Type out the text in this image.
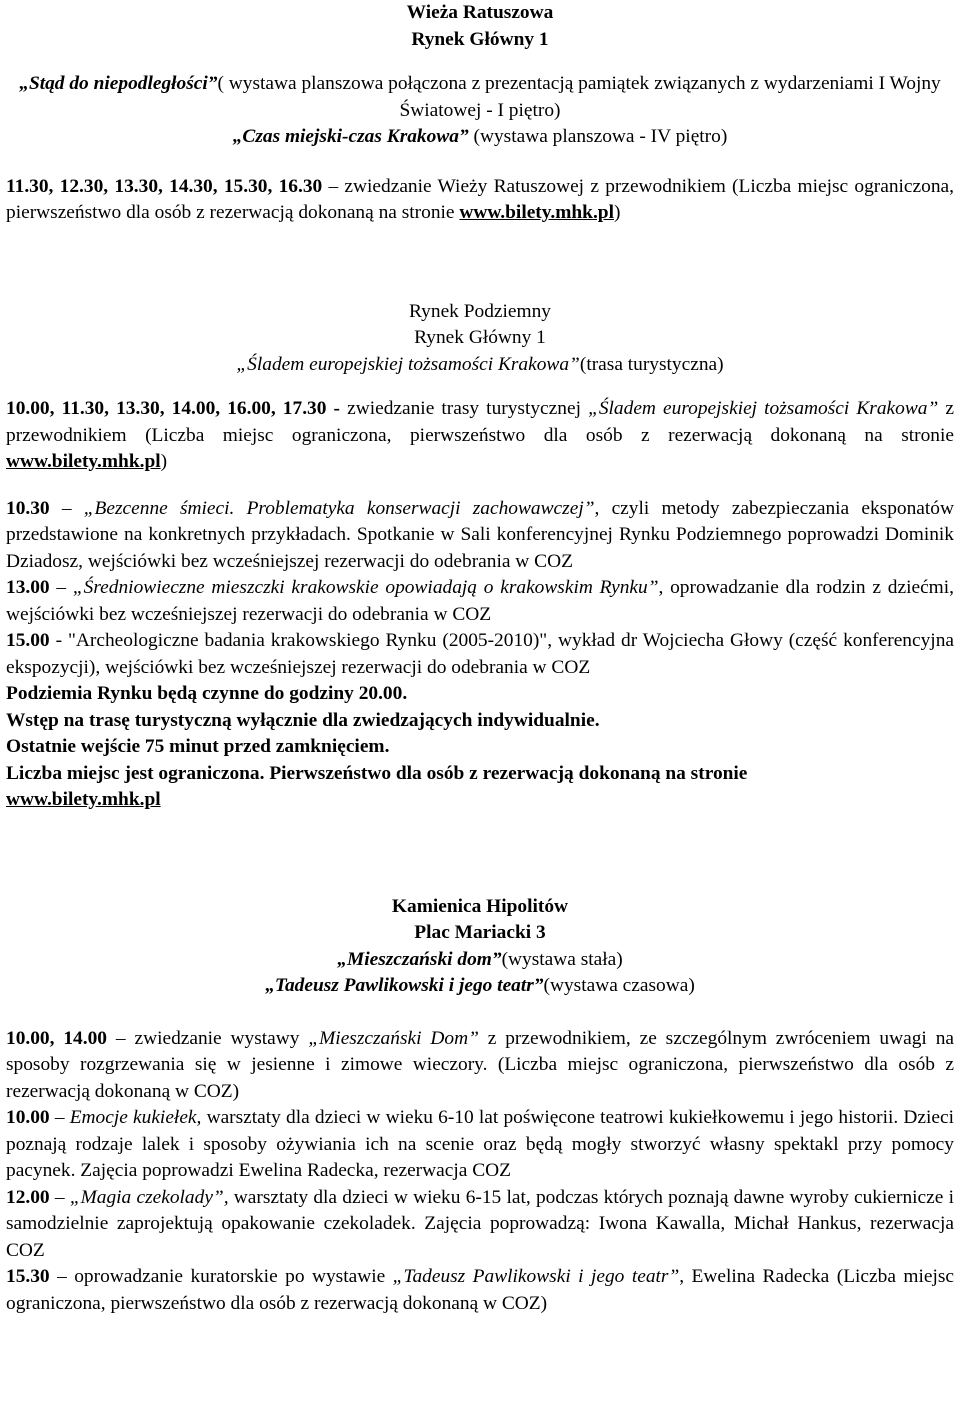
Wieża Ratuszowa

Rynek Główny 1

„Stąd do niepodległości”( wystawa planszowa połączona z prezentacją pamiątek związanych z wydarzeniami I Wojny Światowej - I piętro)

„Czas miejski-czas Krakowa” (wystawa planszowa - IV piętro)

11.30, 12.30, 13.30, 14.30, 15.30, 16.30 – zwiedzanie Wieży Ratuszowej z przewodnikiem (Liczba miejsc ograniczona, pierwszeństwo dla osób z rezerwacją dokonaną na stronie www.bilety.mhk.pl)

Rynek Podziemny

Rynek Główny 1

„Śladem europejskiej tożsamości Krakowa”(trasa turystyczna)

10.00, 11.30, 13.30, 14.00, 16.00, 17.30 - zwiedzanie trasy turystycznej „Śladem europejskiej tożsamości Krakowa” z przewodnikiem (Liczba miejsc ograniczona, pierwszeństwo dla osób z rezerwacją dokonaną na stronie www.bilety.mhk.pl)

10.30 – „Bezcenne śmieci. Problematyka konserwacji zachowawczej”, czyli metody zabezpieczania eksponatów przedstawione na konkretnych przykładach. Spotkanie w Sali konferencyjnej Rynku Podziemnego poprowadzi Dominik Dziadosz, wejściówki bez wcześniejszej rezerwacji do odebrania w COZ

13.00 – „Średniowieczne mieszczki krakowskie opowiadają o krakowskim Rynku”, oprowadzanie dla rodzin z dziećmi, wejściówki bez wcześniejszej rezerwacji do odebrania w COZ

15.00 - "Archeologiczne badania krakowskiego Rynku (2005-2010)", wykład dr Wojciecha Głowy (część konferencyjna ekspozycji), wejściówki bez wcześniejszej rezerwacji do odebrania w COZ

Podziemia Rynku będą czynne do godziny 20.00.

Wstęp na trasę turystyczną wyłącznie dla zwiedzających indywidualnie.

Ostatnie wejście 75 minut przed zamknięciem.

Liczba miejsc jest ograniczona. Pierwszeństwo dla osób z rezerwacją dokonaną na stronie

www.bilety.mhk.pl

Kamienica Hipolitów

Plac Mariacki 3

„Mieszczański dom”(wystawa stała)

„Tadeusz Pawlikowski i jego teatr”(wystawa czasowa)

10.00, 14.00 – zwiedzanie wystawy „Mieszczański Dom” z przewodnikiem, ze szczególnym zwróceniem uwagi na sposoby rozgrzewania się w jesienne i zimowe wieczory. (Liczba miejsc ograniczona, pierwszeństwo dla osób z rezerwacją dokonaną w COZ)

10.00 – Emocje kukiełek, warsztaty dla dzieci w wieku 6-10 lat poświęcone teatrowi kukiełkowemu i jego historii. Dzieci poznają rodzaje lalek i sposoby ożywiania ich na scenie oraz będą mogły stworzyć własny spektakl przy pomocy pacynek. Zajęcia poprowadzi Ewelina Radecka, rezerwacja COZ

12.00 – „Magia czekolady”, warsztaty dla dzieci w wieku 6-15 lat, podczas których poznają dawne wyroby cukiernicze i samodzielnie zaprojektują opakowanie czekoladek. Zajęcia poprowadzą: Iwona Kawalla, Michał Hankus, rezerwacja COZ

15.30 – oprowadzanie kuratorskie po wystawie „Tadeusz Pawlikowski i jego teatr”, Ewelina Radecka (Liczba miejsc ograniczona, pierwszeństwo dla osób z rezerwacją dokonaną w COZ)
